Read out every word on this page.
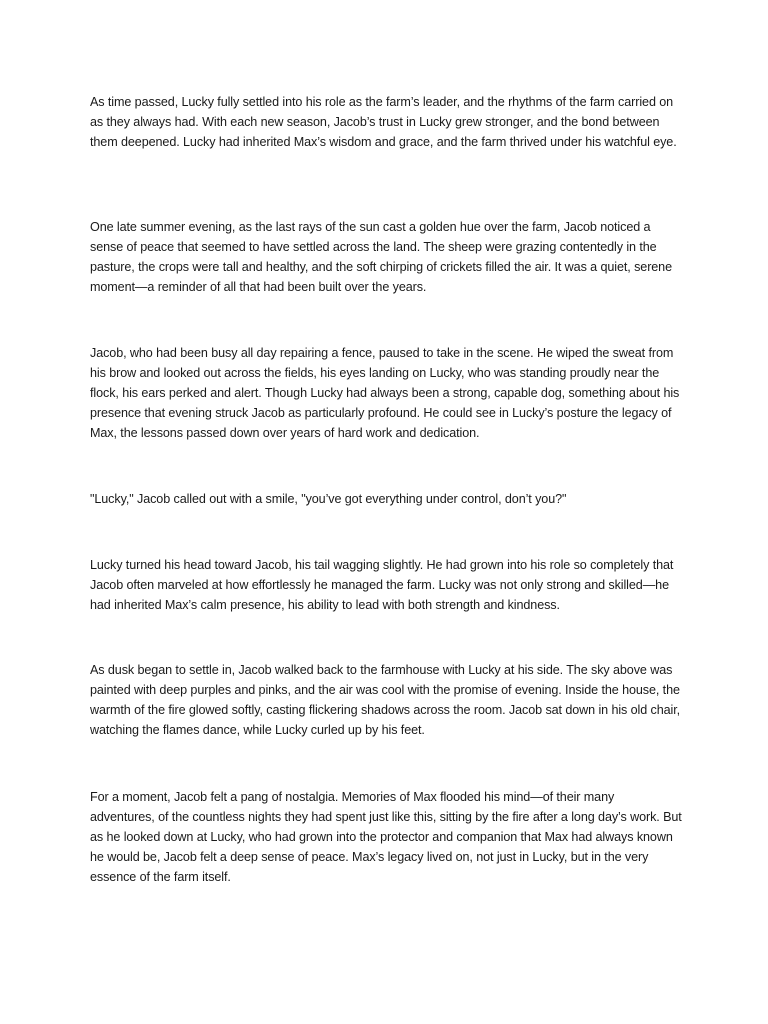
As time passed, Lucky fully settled into his role as the farm’s leader, and the rhythms of the farm carried on as they always had. With each new season, Jacob’s trust in Lucky grew stronger, and the bond between them deepened. Lucky had inherited Max’s wisdom and grace, and the farm thrived under his watchful eye.

One late summer evening, as the last rays of the sun cast a golden hue over the farm, Jacob noticed a sense of peace that seemed to have settled across the land. The sheep were grazing contentedly in the pasture, the crops were tall and healthy, and the soft chirping of crickets filled the air. It was a quiet, serene moment—a reminder of all that had been built over the years.

Jacob, who had been busy all day repairing a fence, paused to take in the scene. He wiped the sweat from his brow and looked out across the fields, his eyes landing on Lucky, who was standing proudly near the flock, his ears perked and alert. Though Lucky had always been a strong, capable dog, something about his presence that evening struck Jacob as particularly profound. He could see in Lucky’s posture the legacy of Max, the lessons passed down over years of hard work and dedication.

"Lucky," Jacob called out with a smile, "you’ve got everything under control, don’t you?"

Lucky turned his head toward Jacob, his tail wagging slightly. He had grown into his role so completely that Jacob often marveled at how effortlessly he managed the farm. Lucky was not only strong and skilled—he had inherited Max’s calm presence, his ability to lead with both strength and kindness.

As dusk began to settle in, Jacob walked back to the farmhouse with Lucky at his side. The sky above was painted with deep purples and pinks, and the air was cool with the promise of evening. Inside the house, the warmth of the fire glowed softly, casting flickering shadows across the room. Jacob sat down in his old chair, watching the flames dance, while Lucky curled up by his feet.

For a moment, Jacob felt a pang of nostalgia. Memories of Max flooded his mind—of their many adventures, of the countless nights they had spent just like this, sitting by the fire after a long day’s work. But as he looked down at Lucky, who had grown into the protector and companion that Max had always known he would be, Jacob felt a deep sense of peace. Max’s legacy lived on, not just in Lucky, but in the very essence of the farm itself.
